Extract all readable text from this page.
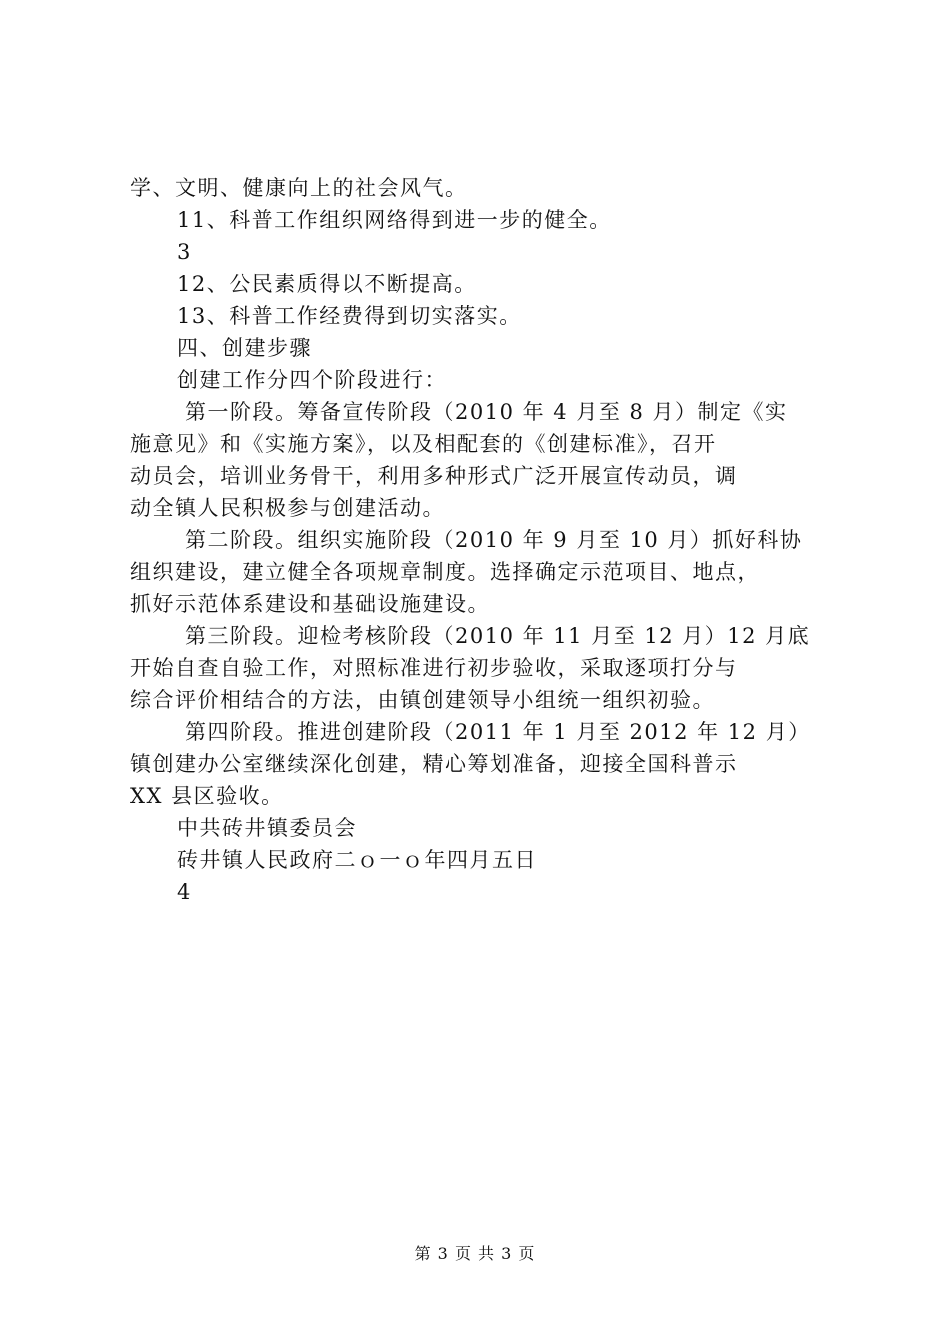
学、文明、健康向上的社会风气。
11、科普工作组织网络得到进一步的健全。
3
12、公民素质得以不断提高。
13、科普工作经费得到切实落实。
四、创建步骤
创建工作分四个阶段进行：
第一阶段。筹备宣传阶段（2010 年 4 月至 8 月）制定《实
施意见》和《实施方案》，以及相配套的《创建标准》，召开
动员会，培训业务骨干，利用多种形式广泛开展宣传动员，调
动全镇人民积极参与创建活动。
第二阶段。组织实施阶段（2010 年 9 月至 10 月）抓好科协
组织建设，建立健全各项规章制度。选择确定示范项目、地点，
抓好示范体系建设和基础设施建设。
第三阶段。迎检考核阶段（2010 年 11 月至 12 月）12 月底
开始自查自验工作，对照标准进行初步验收，采取逐项打分与
综合评价相结合的方法，由镇创建领导小组统一组织初验。
第四阶段。推进创建阶段（2011 年 1 月至 2012 年 12 月）
镇创建办公室继续深化创建，精心筹划准备，迎接全国科普示
XX 县区验收。
中共砖井镇委员会
砖井镇人民政府二ｏ一ｏ年四月五日
4
第 3 页 共 3 页
